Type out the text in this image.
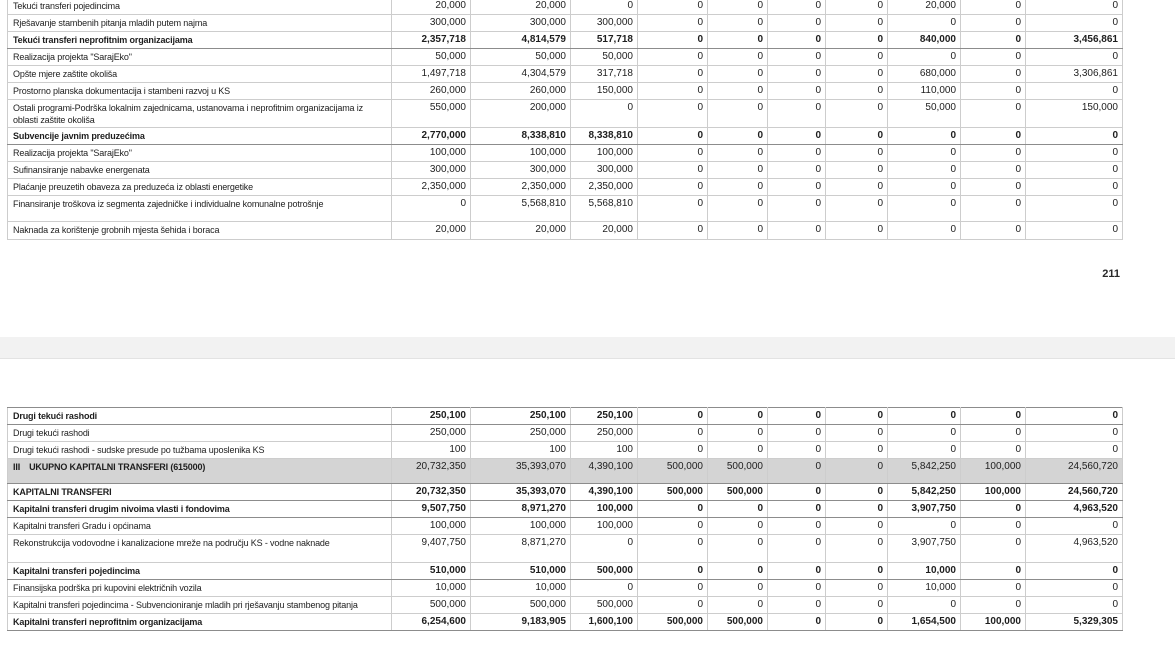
Tekući transferi pojedincima	20,000	20,000	0	0	0	0	0	20,000	0	0
Rješavanje stambenih pitanja mladih putem najma	300,000	300,000	300,000	0	0	0	0	0	0	0
Tekući transferi neprofitnim organizacijama	2,357,718	4,814,579	517,718	0	0	0	0	840,000	0	3,456,861
Realizacija projekta "SarajEko"	50,000	50,000	50,000	0	0	0	0	0	0	0
Opšte mjere zaštite okoliša	1,497,718	4,304,579	317,718	0	0	0	0	680,000	0	3,306,861
Prostorno planska dokumentacija i stambeni razvoj u KS	260,000	260,000	150,000	0	0	0	0	110,000	0	0
Ostali programi-Podrška lokalnim zajednicama, ustanovama i neprofitnim organizacijama iz oblasti zaštite okoliša	550,000	200,000	0	0	0	0	0	50,000	0	150,000
Subvencije javnim preduzećima	2,770,000	8,338,810	8,338,810	0	0	0	0	0	0	0
Realizacija projekta "SarajEko"	100,000	100,000	100,000	0	0	0	0	0	0	0
Sufinansiranje nabavke energenata	300,000	300,000	300,000	0	0	0	0	0	0	0
Plaćanje preuzetih obaveza za preduzeća iz oblasti energetike	2,350,000	2,350,000	2,350,000	0	0	0	0	0	0	0
Finansiranje troškova iz segmenta zajedničke i individualne komunalne potrošnje	0	5,568,810	5,568,810	0	0	0	0	0	0	0
Naknada za korištenje grobnih mjesta šehida i boraca	20,000	20,000	20,000	0	0	0	0	0	0	0
211
Drugi tekući rashodi	250,100	250,100	250,100	0	0	0	0	0	0	0
Drugi tekući rashodi	250,000	250,000	250,000	0	0	0	0	0	0	0
Drugi tekući rashodi - sudske presude po tužbama uposlenika KS	100	100	100	0	0	0	0	0	0	0
III UKUPNO KAPITALNI TRANSFERI (615000)	20,732,350	35,393,070	4,390,100	500,000	500,000	0	0	5,842,250	100,000	24,560,720
KAPITALNI TRANSFERI	20,732,350	35,393,070	4,390,100	500,000	500,000	0	0	5,842,250	100,000	24,560,720
Kapitalni transferi drugim nivoima vlasti i fondovima	9,507,750	8,971,270	100,000	0	0	0	0	3,907,750	0	4,963,520
Kapitalni transferi Gradu i općinama	100,000	100,000	100,000	0	0	0	0	0	0	0
Rekonstrukcija vodovodne i kanalizacione mreže na području KS - vodne naknade	9,407,750	8,871,270	0	0	0	0	0	3,907,750	0	4,963,520
Kapitalni transferi pojedincima	510,000	510,000	500,000	0	0	0	0	10,000	0	0
Finansijska podrška pri kupovini električnih vozila	10,000	10,000	0	0	0	0	0	10,000	0	0
Kapitalni transferi pojedincima - Subvencioniranje mladih pri rješavanju stambenog pitanja	500,000	500,000	500,000	0	0	0	0	0	0	0
Kapitalni transferi neprofitnim organizacijama	6,254,600	9,183,905	1,600,100	500,000	500,000	0	0	1,654,500	100,000	5,329,305
